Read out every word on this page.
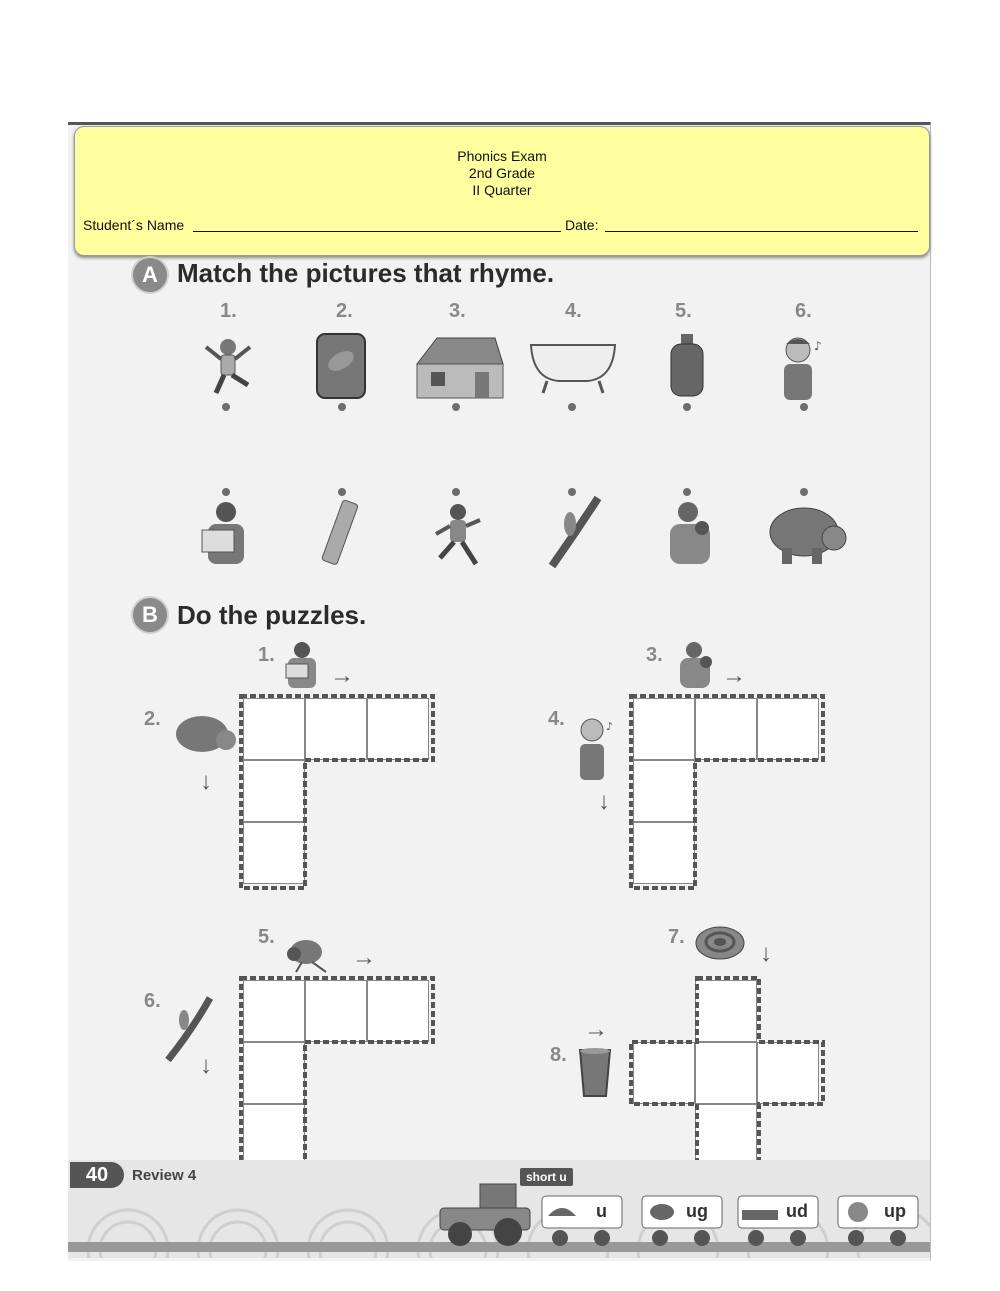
Phonics Exam
2nd Grade
II Quarter
Student´s Name	Date:
A Match the pictures that rhyme.
1.	2.	3.	4.	5.	6.
♪
B Do the puzzles.
1.
→
2.
↓
3.
→
4.	♪
↓
5.
→
6.
↓
7.
↓
→
8.
40	Review 4	short u
u	ug	ud	up
